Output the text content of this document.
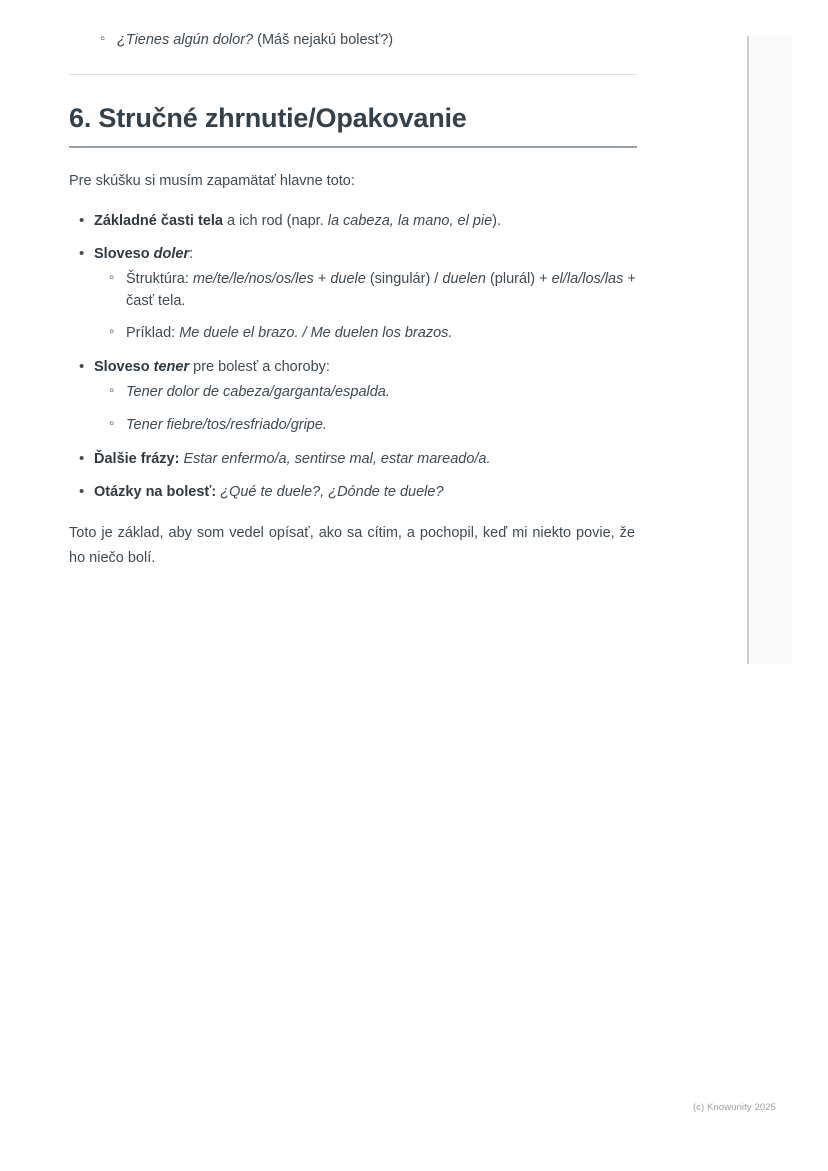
◦ ¿Tienes algún dolor? (Máš nejakú bolesť?)
6. Stručné zhrnutie/Opakovanie

Pre skúšku si musím zapamätať hlavne toto:

• Základné časti tela a ich rod (napr. la cabeza, la mano, el pie).
• Sloveso doler:
◦ Štruktúra: me/te/le/nos/os/les + duele (singulár) / duelen (plurál) + el/la/los/las + časť tela.
◦ Príklad: Me duele el brazo. / Me duelen los brazos.
• Sloveso tener pre bolesť a choroby:
◦ Tener dolor de cabeza/garganta/espalda.
◦ Tener fiebre/tos/resfriado/gripe.
• Ďalšie frázy: Estar enfermo/a, sentirse mal, estar mareado/a.
• Otázky na bolesť: ¿Qué te duele?, ¿Dónde te duele?

Toto je základ, aby som vedel opísať, ako sa cítim, a pochopil, keď mi niekto povie, že ho niečo bolí.

(c) Knowunity 2025
